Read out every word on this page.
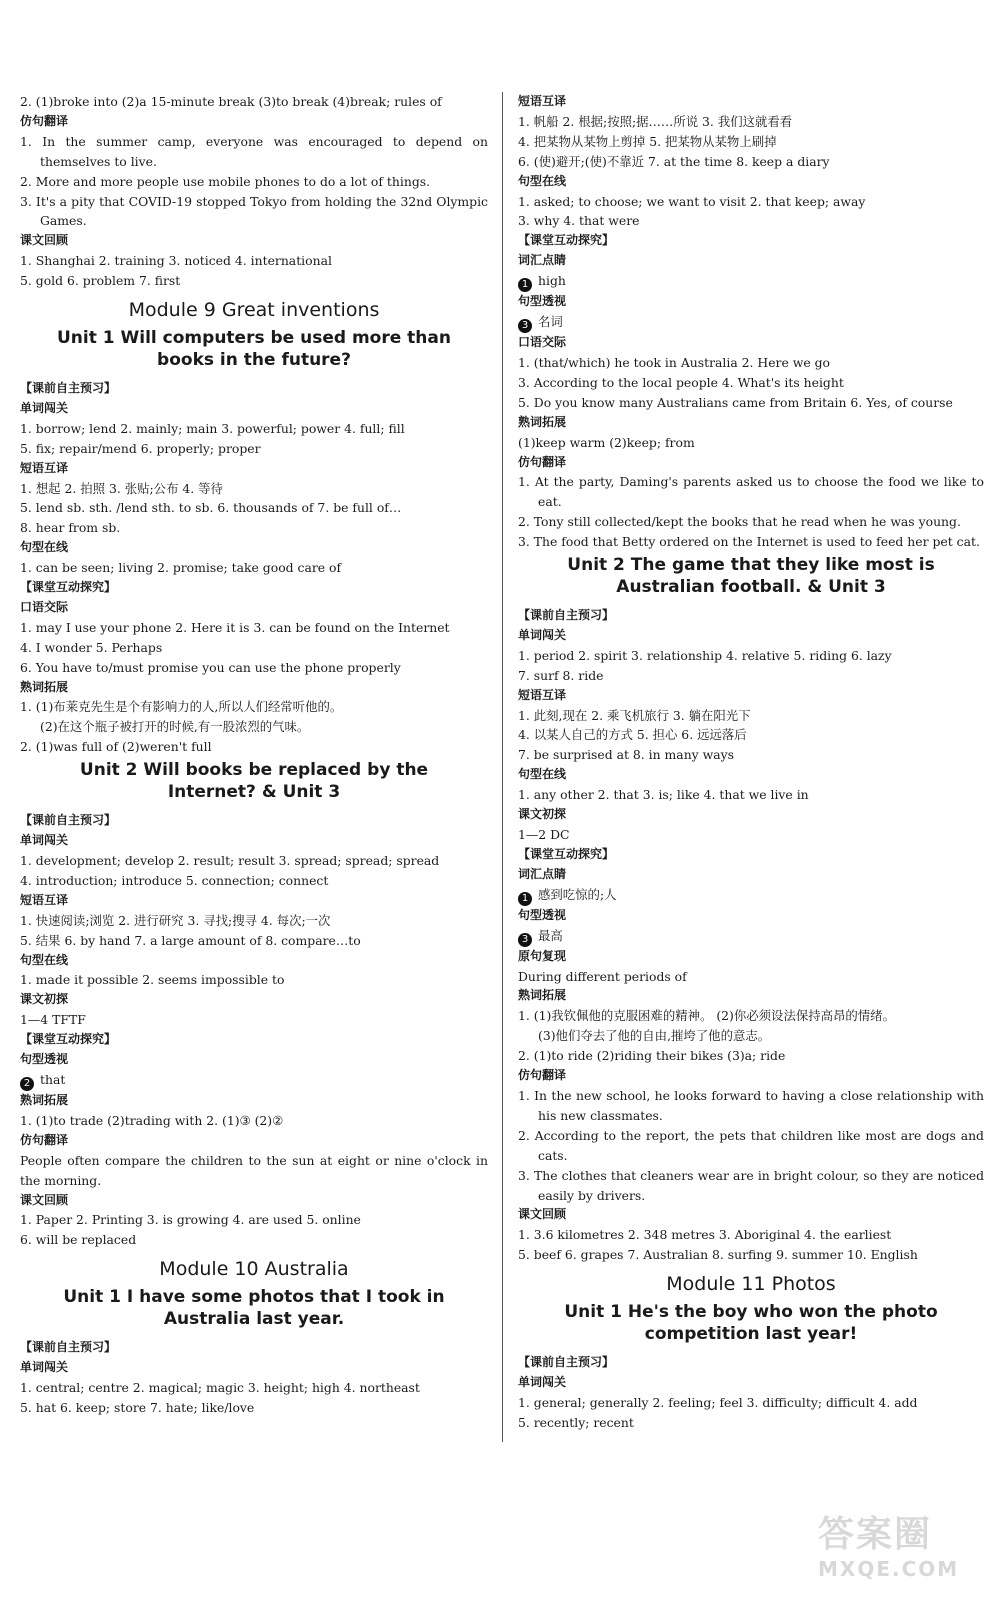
2. (1)broke into (2)a 15-minute break (3)to break (4)break; rules of
仿句翻译
1. In the summer camp, everyone was encouraged to depend on themselves to live.
2. More and more people use mobile phones to do a lot of things.
3. It's a pity that COVID-19 stopped Tokyo from holding the 32nd Olympic Games.
课文回顾
1. Shanghai 2. training 3. noticed 4. international
5. gold 6. problem 7. first
Module 9 Great inventions
Unit 1 Will computers be used more than
books in the future?
【课前自主预习】
单词闯关
1. borrow; lend 2. mainly; main 3. powerful; power 4. full; fill
5. fix; repair/mend 6. properly; proper
短语互译
1. 想起 2. 拍照 3. 张贴;公布 4. 等待
5. lend sb. sth. /lend sth. to sb. 6. thousands of 7. be full of…
8. hear from sb.
句型在线
1. can be seen; living 2. promise; take good care of
【课堂互动探究】
口语交际
1. may I use your phone 2. Here it is 3. can be found on the Internet
4. I wonder 5. Perhaps
6. You have to/must promise you can use the phone properly
熟词拓展
1. (1)布莱克先生是个有影响力的人,所以人们经常听他的。
(2)在这个瓶子被打开的时候,有一股浓烈的气味。
2. (1)was full of (2)weren't full
Unit 2 Will books be replaced by the
Internet? & Unit 3
【课前自主预习】
单词闯关
1. development; develop 2. result; result 3. spread; spread; spread
4. introduction; introduce 5. connection; connect
短语互译
1. 快速阅读;浏览 2. 进行研究 3. 寻找;搜寻 4. 每次;一次
5. 结果 6. by hand 7. a large amount of 8. compare…to
句型在线
1. made it possible 2. seems impossible to
课文初探
1—4 TFTF
【课堂互动探究】
句型透视
2 that
熟词拓展
1. (1)to trade (2)trading with 2. (1)③ (2)②
仿句翻译
People often compare the children to the sun at eight or nine o'clock in the morning.
课文回顾
1. Paper 2. Printing 3. is growing 4. are used 5. online
6. will be replaced
Module 10 Australia
Unit 1 I have some photos that I took in
Australia last year.
【课前自主预习】
单词闯关
1. central; centre 2. magical; magic 3. height; high 4. northeast
5. hat 6. keep; store 7. hate; like/love
短语互译
1. 帆船 2. 根据;按照;据……所说 3. 我们这就看看
4. 把某物从某物上剪掉 5. 把某物从某物上刷掉
6. (使)避开;(使)不靠近 7. at the time 8. keep a diary
句型在线
1. asked; to choose; we want to visit 2. that keep; away
3. why 4. that were
【课堂互动探究】
词汇点睛
1 high
句型透视
3 名词
口语交际
1. (that/which) he took in Australia 2. Here we go
3. According to the local people 4. What's its height
5. Do you know many Australians came from Britain 6. Yes, of course
熟词拓展
(1)keep warm (2)keep; from
仿句翻译
1. At the party, Daming's parents asked us to choose the food we like to eat.
2. Tony still collected/kept the books that he read when he was young.
3. The food that Betty ordered on the Internet is used to feed her pet cat.
Unit 2 The game that they like most is
Australian football. & Unit 3
【课前自主预习】
单词闯关
1. period 2. spirit 3. relationship 4. relative 5. riding 6. lazy
7. surf 8. ride
短语互译
1. 此刻,现在 2. 乘飞机旅行 3. 躺在阳光下
4. 以某人自己的方式 5. 担心 6. 远远落后
7. be surprised at 8. in many ways
句型在线
1. any other 2. that 3. is; like 4. that we live in
课文初探
1—2 DC
【课堂互动探究】
词汇点睛
1 感到吃惊的;人
句型透视
3 最高
原句复现
During different periods of
熟词拓展
1. (1)我钦佩他的克服困难的精神。 (2)你必须设法保持高昂的情绪。
(3)他们夺去了他的自由,摧垮了他的意志。
2. (1)to ride (2)riding their bikes (3)a; ride
仿句翻译
1. In the new school, he looks forward to having a close relationship with his new classmates.
2. According to the report, the pets that children like most are dogs and cats.
3. The clothes that cleaners wear are in bright colour, so they are noticed easily by drivers.
课文回顾
1. 3.6 kilometres 2. 348 metres 3. Aboriginal 4. the earliest
5. beef 6. grapes 7. Australian 8. surfing 9. summer 10. English
Module 11 Photos
Unit 1 He's the boy who won the photo
competition last year!
【课前自主预习】
单词闯关
1. general; generally 2. feeling; feel 3. difficulty; difficult 4. add
5. recently; recent
答案圈
MXQE.COM
